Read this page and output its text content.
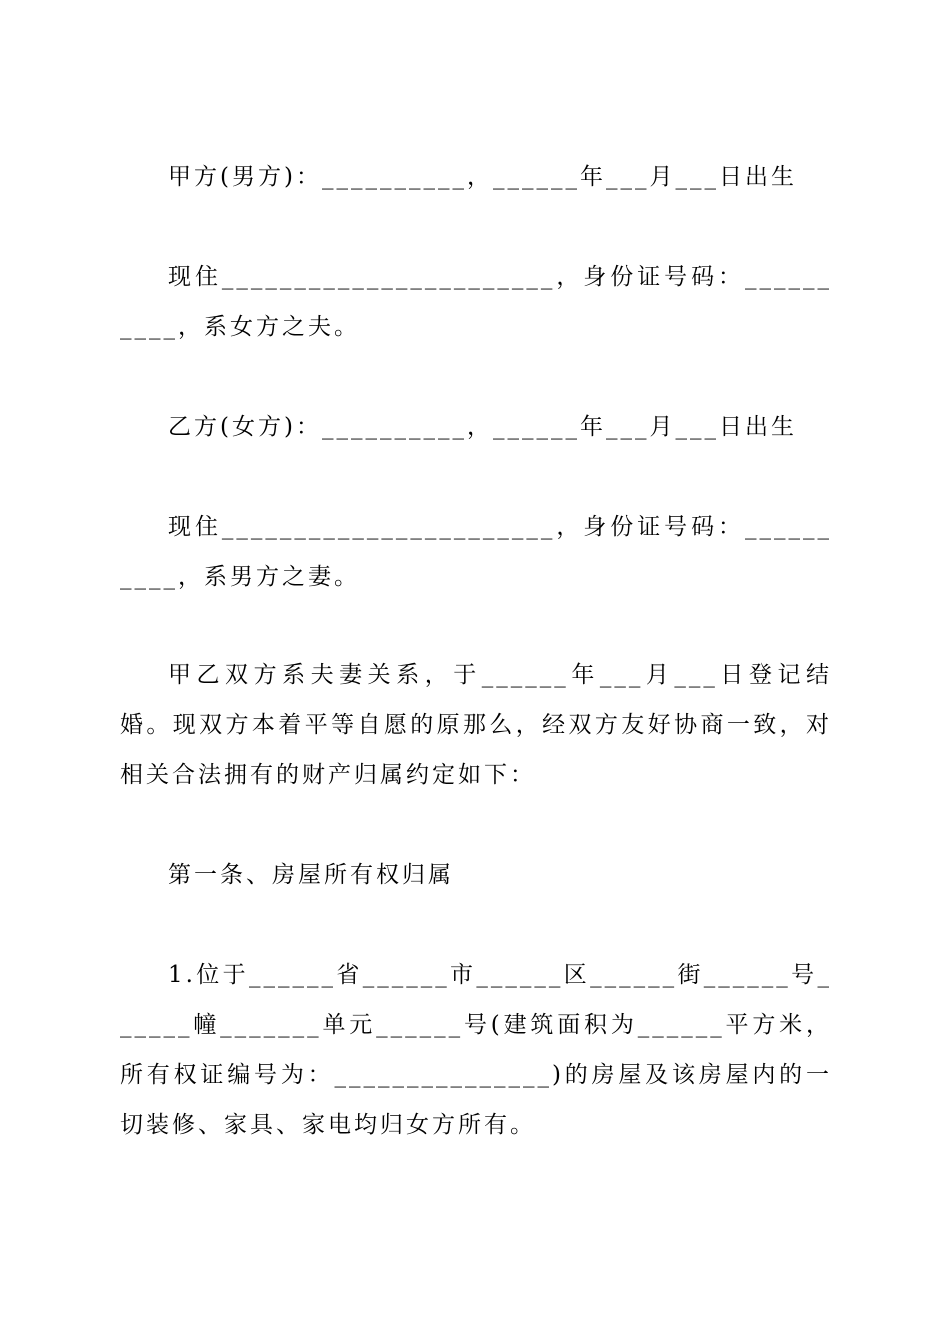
甲方(男方)：__________，______年___月___日出生

现住_______________________，身份证号码：__________，系女方之夫。

乙方(女方)：__________，______年___月___日出生

现住_______________________，身份证号码：__________，系男方之妻。

甲乙双方系夫妻关系，于______年___月___日登记结婚。现双方本着平等自愿的原那么，经双方友好协商一致，对相关合法拥有的财产归属约定如下：

第一条、房屋所有权归属

1.位于______省______市______区______街______号______幢_______单元______号(建筑面积为______平方米，所有权证编号为：_______________)的房屋及该房屋内的一切装修、家具、家电均归女方所有。
